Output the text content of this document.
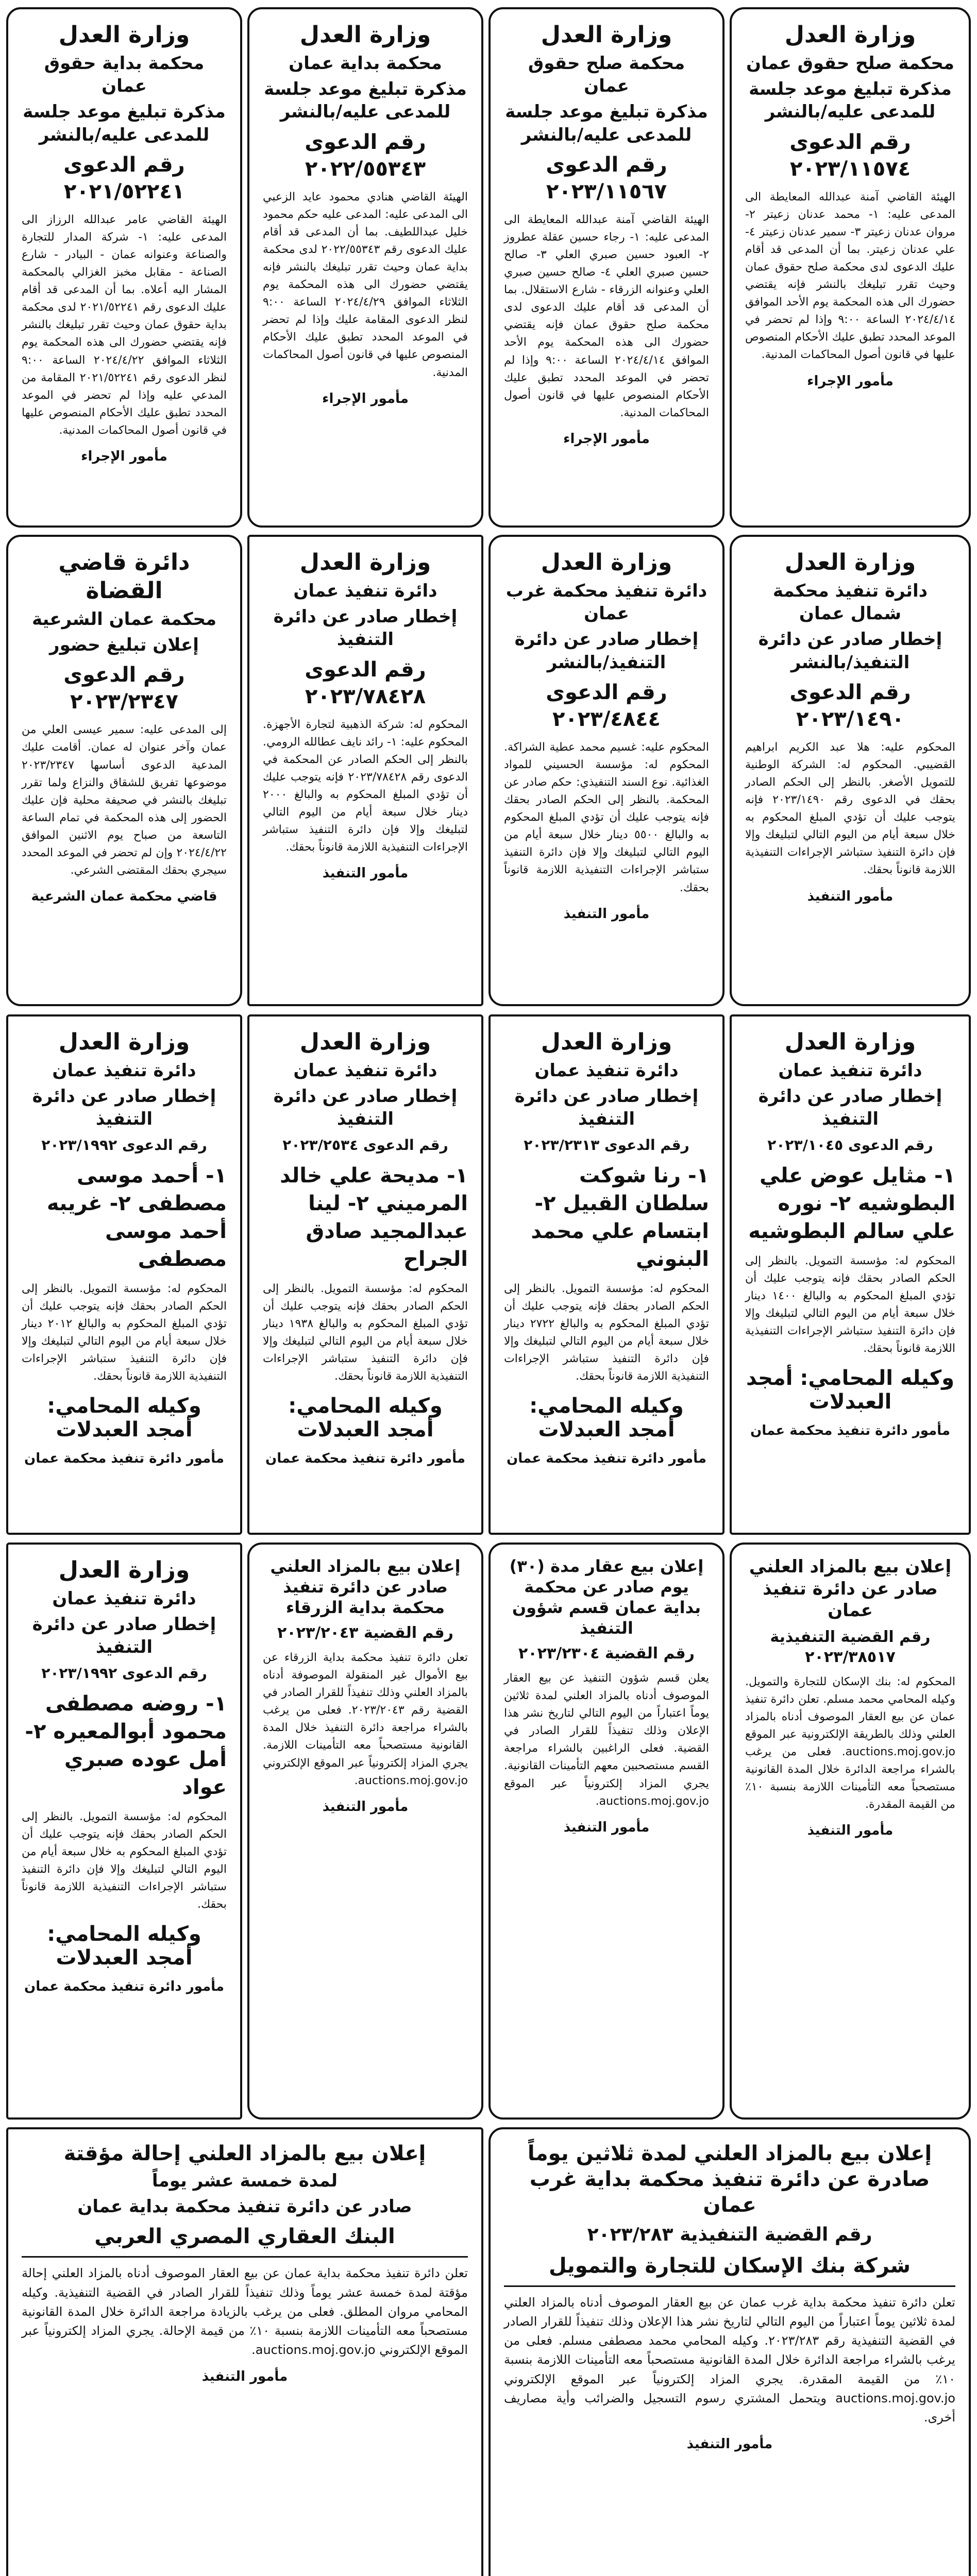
وزارة العدل
محكمة صلح حقوق عمان
مذكرة تبليغ موعد جلسة للمدعى عليه/بالنشر
رقم الدعوى ٢٠٢٣/١١٥٧٤
الهيئة القاضي آمنة عبدالله المعايطة الى المدعى عليه: ١- محمد عدنان زعيتر ٢- مروان عدنان زعيتر ٣- سمير عدنان زعيتر ٤- علي عدنان زعيتر. بما أن المدعى قد أقام عليك الدعوى لدى محكمة صلح حقوق عمان وحيث تقرر تبليغك بالنشر فإنه يقتضي حضورك الى هذه المحكمة يوم الأحد الموافق ٢٠٢٤/٤/١٤ الساعة ٩:٠٠ وإذا لم تحضر في الموعد المحدد تطبق عليك الأحكام المنصوص عليها في قانون أصول المحاكمات المدنية.
مأمور الإجراء
وزارة العدل
محكمة صلح حقوق عمان
مذكرة تبليغ موعد جلسة للمدعى عليه/بالنشر
رقم الدعوى ٢٠٢٣/١١٥٦٧
الهيئة القاضي آمنة عبدالله المعايطة الى المدعى عليه: ١- رجاء حسين عقلة عطروز ٢- العبود حسين صبري العلي ٣- صالح حسين صبري العلي ٤- صالح حسين صبري العلي وعنوانه الزرقاء - شارع الاستقلال. بما أن المدعى قد أقام عليك الدعوى لدى محكمة صلح حقوق عمان فإنه يقتضي حضورك الى هذه المحكمة يوم الأحد الموافق ٢٠٢٤/٤/١٤ الساعة ٩:٠٠ وإذا لم تحضر في الموعد المحدد تطبق عليك الأحكام المنصوص عليها في قانون أصول المحاكمات المدنية.
مأمور الإجراء
وزارة العدل
محكمة بداية عمان
مذكرة تبليغ موعد جلسة للمدعى عليه/بالنشر
رقم الدعوى ٢٠٢٢/٥٥٣٤٣
الهيئة القاضي هنادي محمود عايد الزعبي الى المدعى عليه: المدعى عليه حكم محمود خليل عبداللطيف. بما أن المدعى قد أقام عليك الدعوى رقم ٢٠٢٢/٥٥٣٤٣ لدى محكمة بداية عمان وحيث تقرر تبليغك بالنشر فإنه يقتضي حضورك الى هذه المحكمة يوم الثلاثاء الموافق ٢٠٢٤/٤/٢٩ الساعة ٩:٠٠ لنظر الدعوى المقامة عليك وإذا لم تحضر في الموعد المحدد تطبق عليك الأحكام المنصوص عليها في قانون أصول المحاكمات المدنية.
مأمور الإجراء
وزارة العدل
محكمة بداية حقوق عمان
مذكرة تبليغ موعد جلسة للمدعى عليه/بالنشر
رقم الدعوى ٢٠٢١/٥٢٢٤١
الهيئة القاضي عامر عبدالله الرزاز الى المدعى عليه: ١- شركة المدار للتجارة والصناعة وعنوانه عمان - البيادر - شارع الصناعة - مقابل مخبز الغزالي بالمحكمة المشار اليه أعلاه. بما أن المدعى قد أقام عليك الدعوى رقم ٢٠٢١/٥٢٢٤١ لدى محكمة بداية حقوق عمان وحيث تقرر تبليغك بالنشر فإنه يقتضي حضورك الى هذه المحكمة يوم الثلاثاء الموافق ٢٠٢٤/٤/٢٢ الساعة ٩:٠٠ لنظر الدعوى رقم ٢٠٢١/٥٢٢٤١ المقامة من المدعي عليه وإذا لم تحضر في الموعد المحدد تطبق عليك الأحكام المنصوص عليها في قانون أصول المحاكمات المدنية.
مأمور الإجراء
وزارة العدل
دائرة تنفيذ محكمة شمال عمان
إخطار صادر عن دائرة التنفيذ/بالنشر
رقم الدعوى ٢٠٢٣/١٤٩٠
المحكوم عليه: هلا عبد الكريم ابراهيم القضيبي. المحكوم له: الشركة الوطنية للتمويل الأصغر. بالنظر إلى الحكم الصادر بحقك في الدعوى رقم ٢٠٢٣/١٤٩٠ فإنه يتوجب عليك أن تؤدي المبلغ المحكوم به خلال سبعة أيام من اليوم التالي لتبليغك وإلا فإن دائرة التنفيذ ستباشر الإجراءات التنفيذية اللازمة قانوناً بحقك.
مأمور التنفيذ
وزارة العدل
دائرة تنفيذ محكمة غرب عمان
إخطار صادر عن دائرة التنفيذ/بالنشر
رقم الدعوى ٢٠٢٣/٤٨٤٤
المحكوم عليه: غسيم محمد عطية الشراكة. المحكوم له: مؤسسة الحسيني للمواد الغذائية. نوع السند التنفيذي: حكم صادر عن المحكمة. بالنظر إلى الحكم الصادر بحقك فإنه يتوجب عليك أن تؤدي المبلغ المحكوم به والبالغ ٥٥٠٠ دينار خلال سبعة أيام من اليوم التالي لتبليغك وإلا فإن دائرة التنفيذ ستباشر الإجراءات التنفيذية اللازمة قانوناً بحقك.
مأمور التنفيذ
وزارة العدل
دائرة تنفيذ عمان
إخطار صادر عن دائرة التنفيذ
رقم الدعوى ٢٠٢٣/٧٨٤٢٨
المحكوم له: شركة الذهبية لتجارة الأجهزة. المحكوم عليه: ١- رائد نايف عطالله الرومي. بالنظر إلى الحكم الصادر عن المحكمة في الدعوى رقم ٢٠٢٣/٧٨٤٢٨ فإنه يتوجب عليك أن تؤدي المبلغ المحكوم به والبالغ ٢٠٠٠ دينار خلال سبعة أيام من اليوم التالي لتبليغك وإلا فإن دائرة التنفيذ ستباشر الإجراءات التنفيذية اللازمة قانوناً بحقك.
مأمور التنفيذ
دائرة قاضي القضاة
محكمة عمان الشرعية
إعلان تبليغ حضور
رقم الدعوى ٢٠٢٣/٢٣٤٧
إلى المدعى عليه: سمير عيسى العلي من عمان وآخر عنوان له عمان. أقامت عليك المدعية الدعوى أساسها ٢٠٢٣/٢٣٤٧ موضوعها تفريق للشقاق والنزاع ولما تقرر تبليغك بالنشر في صحيفة محلية فإن عليك الحضور إلى هذه المحكمة في تمام الساعة التاسعة من صباح يوم الاثنين الموافق ٢٠٢٤/٤/٢٢ وإن لم تحضر في الموعد المحدد سيجري بحقك المقتضى الشرعي.
قاضي محكمة عمان الشرعية
وزارة العدل
دائرة تنفيذ عمان
إخطار صادر عن دائرة التنفيذ
رقم الدعوى ٢٠٢٣/١٠٤٥
١- مثايل عوض علي البطوشيه ٢- نوره علي سالم البطوشيه
المحكوم له: مؤسسة التمويل. بالنظر إلى الحكم الصادر بحقك فإنه يتوجب عليك أن تؤدي المبلغ المحكوم به والبالغ ١٤٠٠ دينار خلال سبعة أيام من اليوم التالي لتبليغك وإلا فإن دائرة التنفيذ ستباشر الإجراءات التنفيذية اللازمة قانوناً بحقك.
وكيله المحامي: أمجد العبدلات
مأمور دائرة تنفيذ محكمة عمان
وزارة العدل
دائرة تنفيذ عمان
إخطار صادر عن دائرة التنفيذ
رقم الدعوى ٢٠٢٣/٢٣١٣
١- رنا شوكت سلطان القبيل ٢- ابتسام علي محمد البنوني
المحكوم له: مؤسسة التمويل. بالنظر إلى الحكم الصادر بحقك فإنه يتوجب عليك أن تؤدي المبلغ المحكوم به والبالغ ٢٧٢٢ دينار خلال سبعة أيام من اليوم التالي لتبليغك وإلا فإن دائرة التنفيذ ستباشر الإجراءات التنفيذية اللازمة قانوناً بحقك.
وكيله المحامي: أمجد العبدلات
مأمور دائرة تنفيذ محكمة عمان
وزارة العدل
دائرة تنفيذ عمان
إخطار صادر عن دائرة التنفيذ
رقم الدعوى ٢٠٢٣/٢٥٣٤
١- مديحة علي خالد المرميني ٢- لينا عبدالمجيد صادق الجراح
المحكوم له: مؤسسة التمويل. بالنظر إلى الحكم الصادر بحقك فإنه يتوجب عليك أن تؤدي المبلغ المحكوم به والبالغ ١٩٣٨ دينار خلال سبعة أيام من اليوم التالي لتبليغك وإلا فإن دائرة التنفيذ ستباشر الإجراءات التنفيذية اللازمة قانوناً بحقك.
وكيله المحامي: أمجد العبدلات
مأمور دائرة تنفيذ محكمة عمان
وزارة العدل
دائرة تنفيذ عمان
إخطار صادر عن دائرة التنفيذ
رقم الدعوى ٢٠٢٣/١٩٩٢
١- أحمد موسى مصطفى ٢- غريبه أحمد موسى مصطفى
المحكوم له: مؤسسة التمويل. بالنظر إلى الحكم الصادر بحقك فإنه يتوجب عليك أن تؤدي المبلغ المحكوم به والبالغ ٢٠١٢ دينار خلال سبعة أيام من اليوم التالي لتبليغك وإلا فإن دائرة التنفيذ ستباشر الإجراءات التنفيذية اللازمة قانوناً بحقك.
وكيله المحامي: أمجد العبدلات
مأمور دائرة تنفيذ محكمة عمان
إعلان بيع بالمزاد العلني صادر عن دائرة تنفيذ عمان
رقم القضية التنفيذية ٢٠٢٣/٣٨٥١٧
المحكوم له: بنك الإسكان للتجارة والتمويل. وكيله المحامي محمد مسلم. تعلن دائرة تنفيذ عمان عن بيع العقار الموصوف أدناه بالمزاد العلني وذلك بالطريقة الإلكترونية عبر الموقع auctions.moj.gov.jo. فعلى من يرغب بالشراء مراجعة الدائرة خلال المدة القانونية مستصحباً معه التأمينات اللازمة بنسبة ١٠٪ من القيمة المقدرة.
مأمور التنفيذ
إعلان بيع عقار مدة (٣٠) يوم صادر عن محكمة بداية عمان قسم شؤون التنفيذ
رقم القضية ٢٠٢٣/٢٣٠٤
يعلن قسم شؤون التنفيذ عن بيع العقار الموصوف أدناه بالمزاد العلني لمدة ثلاثين يوماً اعتباراً من اليوم التالي لتاريخ نشر هذا الإعلان وذلك تنفيذاً للقرار الصادر في القضية. فعلى الراغبين بالشراء مراجعة القسم مستصحبين معهم التأمينات القانونية. يجري المزاد إلكترونياً عبر الموقع auctions.moj.gov.jo.
مأمور التنفيذ
إعلان بيع بالمزاد العلني صادر عن دائرة تنفيذ محكمة بداية الزرقاء
رقم القضية ٢٠٢٣/٢٠٤٣
تعلن دائرة تنفيذ محكمة بداية الزرقاء عن بيع الأموال غير المنقولة الموصوفة أدناه بالمزاد العلني وذلك تنفيذاً للقرار الصادر في القضية رقم ٢٠٢٣/٢٠٤٣. فعلى من يرغب بالشراء مراجعة دائرة التنفيذ خلال المدة القانونية مستصحباً معه التأمينات اللازمة. يجري المزاد إلكترونياً عبر الموقع الإلكتروني auctions.moj.gov.jo.
مأمور التنفيذ
وزارة العدل
دائرة تنفيذ عمان
إخطار صادر عن دائرة التنفيذ
رقم الدعوى ٢٠٢٣/١٩٩٢
١- روضه مصطفى محمود أبوالمعيره ٢- أمل عوده صبري عواد
المحكوم له: مؤسسة التمويل. بالنظر إلى الحكم الصادر بحقك فإنه يتوجب عليك أن تؤدي المبلغ المحكوم به خلال سبعة أيام من اليوم التالي لتبليغك وإلا فإن دائرة التنفيذ ستباشر الإجراءات التنفيذية اللازمة قانوناً بحقك.
وكيله المحامي: أمجد العبدلات
مأمور دائرة تنفيذ محكمة عمان
إعلان بيع بالمزاد العلني لمدة ثلاثين يوماً صادرة عن دائرة تنفيذ محكمة بداية غرب عمان
رقم القضية التنفيذية ٢٠٢٣/٢٨٣
شركة بنك الإسكان للتجارة والتمويل
تعلن دائرة تنفيذ محكمة بداية غرب عمان عن بيع العقار الموصوف أدناه بالمزاد العلني لمدة ثلاثين يوماً اعتباراً من اليوم التالي لتاريخ نشر هذا الإعلان وذلك تنفيذاً للقرار الصادر في القضية التنفيذية رقم ٢٠٢٣/٢٨٣. وكيله المحامي محمد مصطفى مسلم. فعلى من يرغب بالشراء مراجعة الدائرة خلال المدة القانونية مستصحباً معه التأمينات اللازمة بنسبة ١٠٪ من القيمة المقدرة. يجري المزاد إلكترونياً عبر الموقع الإلكتروني auctions.moj.gov.jo ويتحمل المشتري رسوم التسجيل والضرائب وأية مصاريف أخرى.
مأمور التنفيذ
إعلان بيع بالمزاد العلني إحالة مؤقتة
لمدة خمسة عشر يوماً
صادر عن دائرة تنفيذ محكمة بداية عمان
البنك العقاري المصري العربي
تعلن دائرة تنفيذ محكمة بداية عمان عن بيع العقار الموصوف أدناه بالمزاد العلني إحالة مؤقتة لمدة خمسة عشر يوماً وذلك تنفيذاً للقرار الصادر في القضية التنفيذية. وكيله المحامي مروان المطلق. فعلى من يرغب بالزيادة مراجعة الدائرة خلال المدة القانونية مستصحباً معه التأمينات اللازمة بنسبة ١٠٪ من قيمة الإحالة. يجري المزاد إلكترونياً عبر الموقع الإلكتروني auctions.moj.gov.jo.
مأمور التنفيذ
